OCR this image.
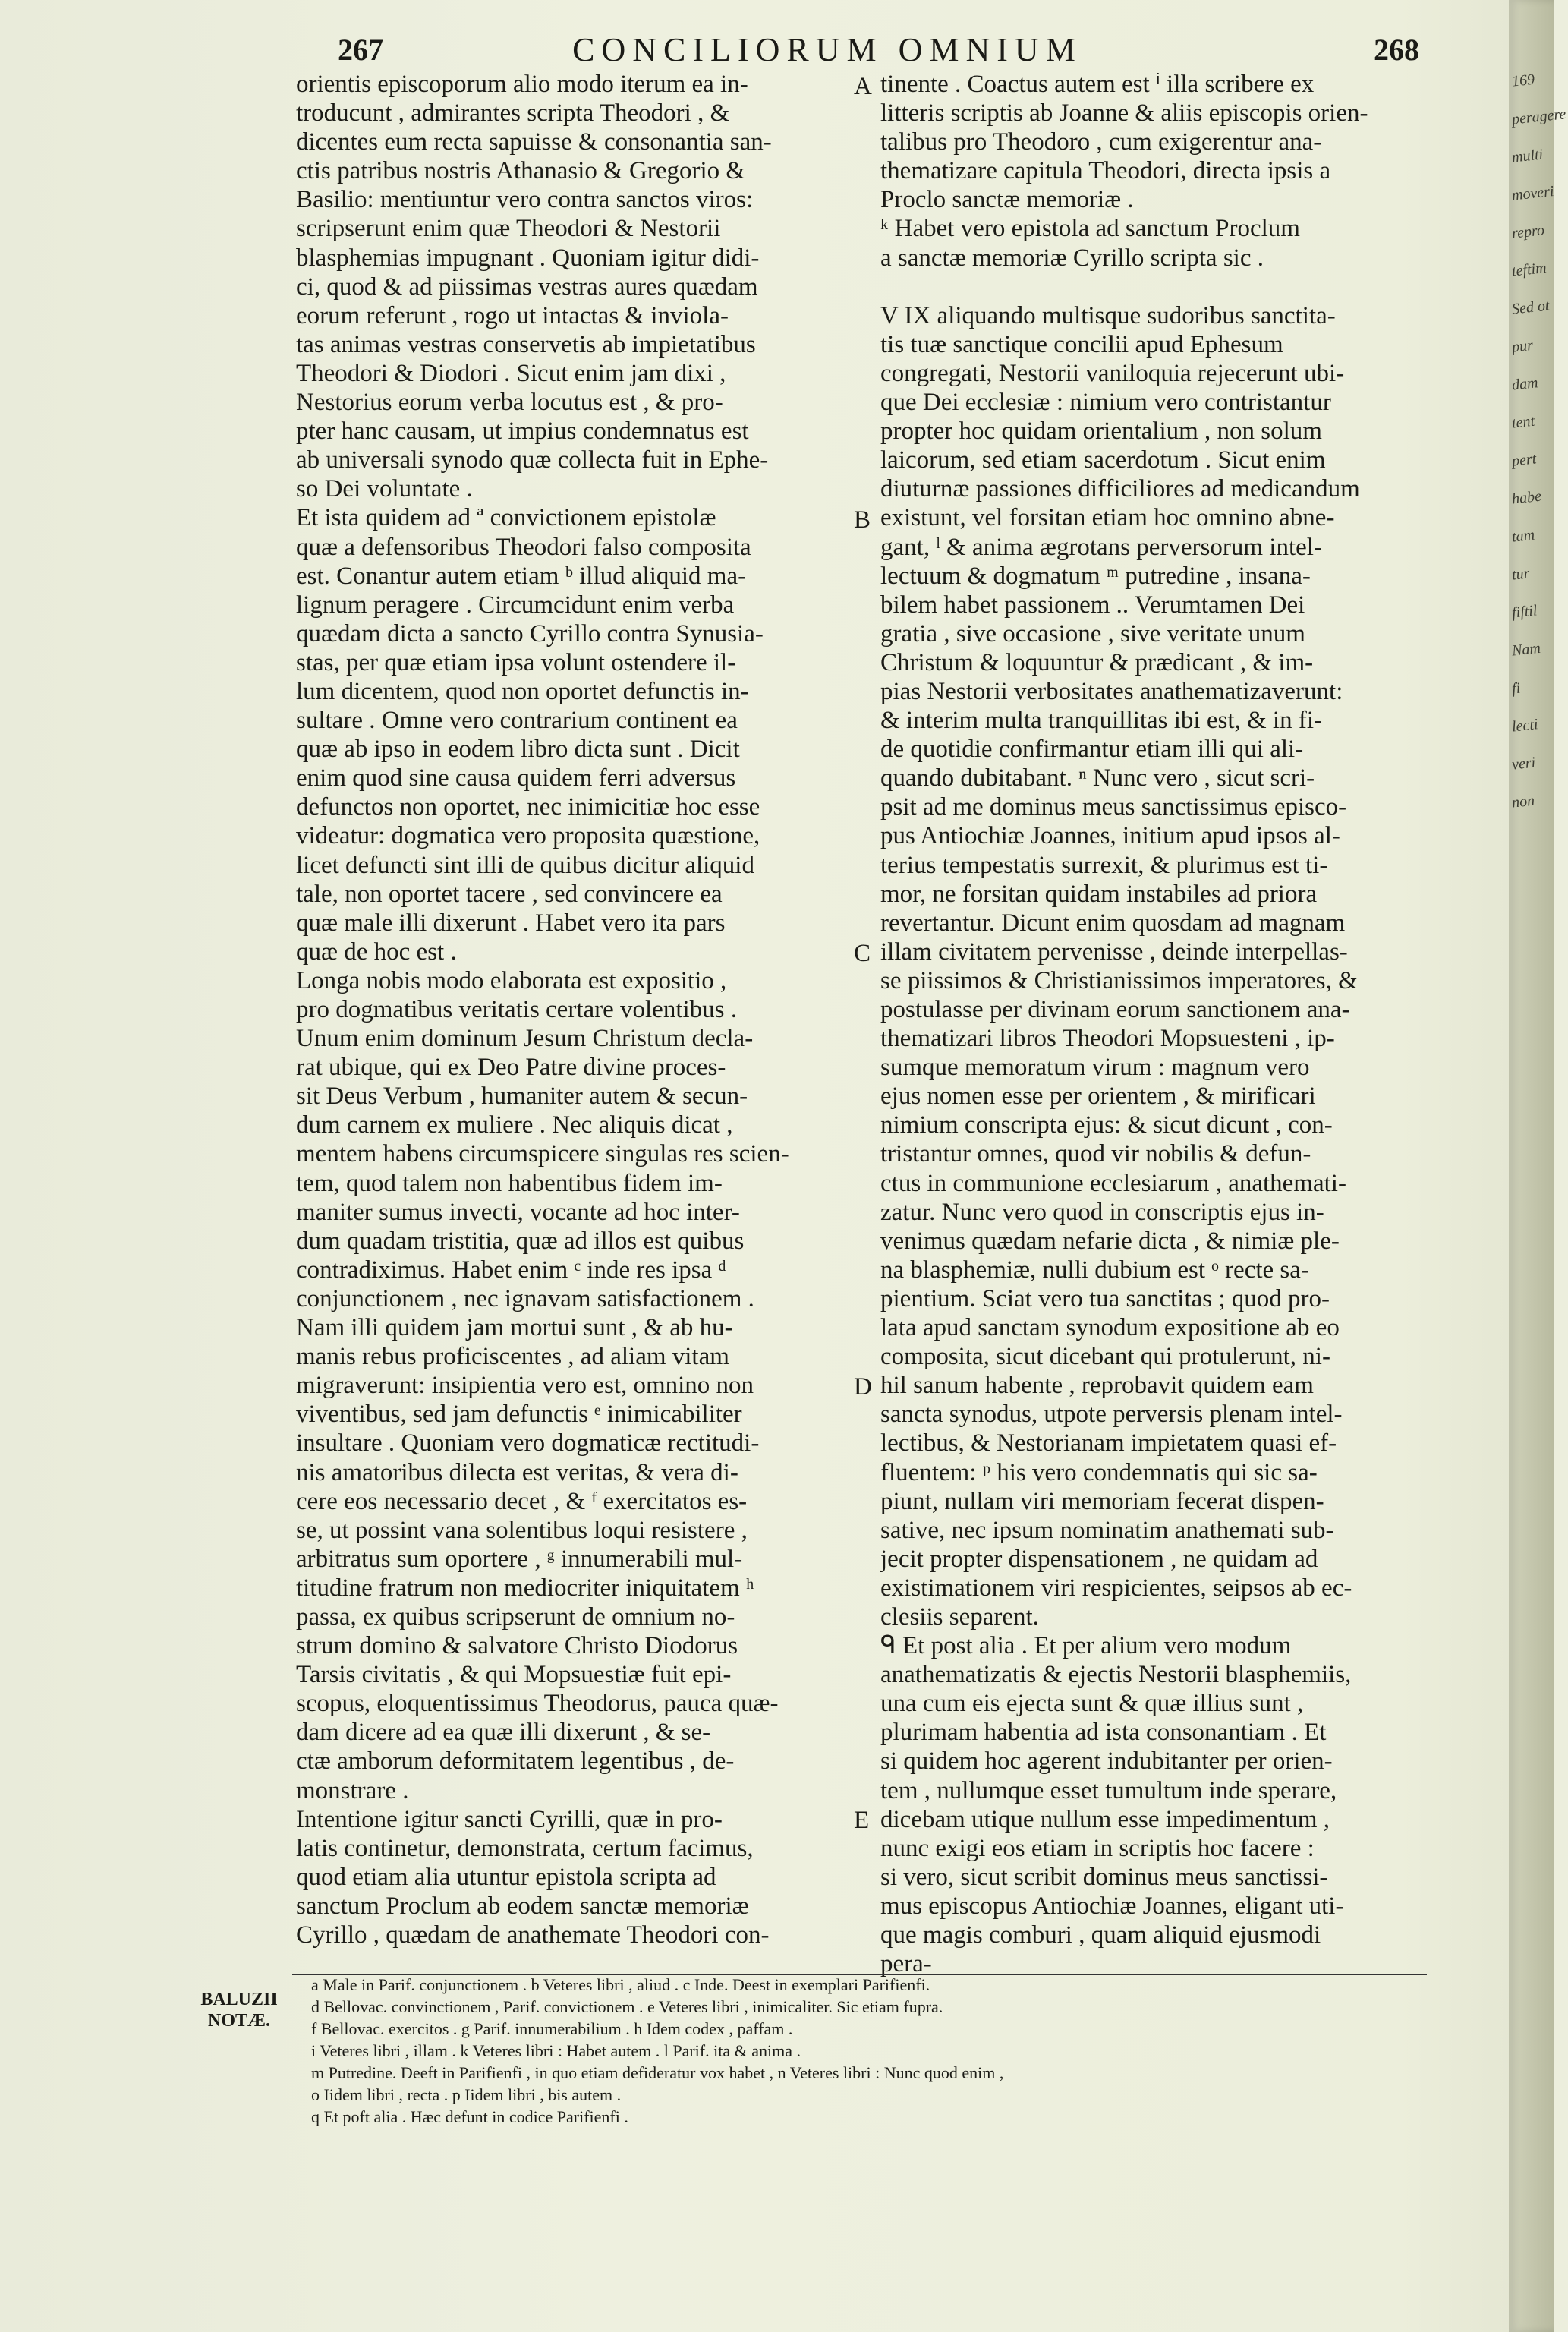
267	CONCILIORUM OMNIUM	268
orientis episcoporum alio modo iterum ea in-
troducunt , admirantes scripta Theodori , &
dicentes eum recta sapuisse & consonantia san-
ctis patribus nostris Athanasio & Gregorio &
Basilio: mentiuntur vero contra sanctos viros:
scripserunt enim quæ Theodori & Nestorii
blasphemias impugnant . Quoniam igitur didi-
ci, quod & ad piissimas vestras aures quædam
eorum referunt , rogo ut intactas & inviola-
tas animas vestras conservetis ab impietatibus
Theodori & Diodori . Sicut enim jam dixi ,
Nestorius eorum verba locutus est , & pro-
pter hanc causam, ut impius condemnatus est
ab universali synodo quæ collecta fuit in Ephe-
so Dei voluntate .
Et ista quidem ad ª convictionem epistolæ
quæ a defensoribus Theodori falso composita
est. Conantur autem etiam ᵇ illud aliquid ma-
lignum peragere . Circumcidunt enim verba
quædam dicta a sancto Cyrillo contra Synusia-
stas, per quæ etiam ipsa volunt ostendere il-
lum dicentem, quod non oportet defunctis in-
sultare . Omne vero contrarium continent ea
quæ ab ipso in eodem libro dicta sunt . Dicit
enim quod sine causa quidem ferri adversus
defunctos non oportet, nec inimicitiæ hoc esse
videatur: dogmatica vero proposita quæstione,
licet defuncti sint illi de quibus dicitur aliquid
tale, non oportet tacere , sed convincere ea
quæ male illi dixerunt . Habet vero ita pars
quæ de hoc est .
Longa nobis modo elaborata est expositio ,
pro dogmatibus veritatis certare volentibus .
Unum enim dominum Jesum Christum decla-
rat ubique, qui ex Deo Patre divine proces-
sit Deus Verbum , humaniter autem & secun-
dum carnem ex muliere . Nec aliquis dicat ,
mentem habens circumspicere singulas res scien-
tem, quod talem non habentibus fidem im-
maniter sumus invecti, vocante ad hoc inter-
dum quadam tristitia, quæ ad illos est quibus
contradiximus. Habet enim ᶜ inde res ipsa ᵈ
conjunctionem , nec ignavam satisfactionem .
Nam illi quidem jam mortui sunt , & ab hu-
manis rebus proficiscentes , ad aliam vitam
migraverunt: insipientia vero est, omnino non
viventibus, sed jam defunctis ᵉ inimicabiliter
insultare . Quoniam vero dogmaticæ rectitudi-
nis amatoribus dilecta est veritas, & vera di-
cere eos necessario decet , & ᶠ exercitatos es-
se, ut possint vana solentibus loqui resistere ,
arbitratus sum oportere , ᵍ innumerabili mul-
titudine fratrum non mediocriter iniquitatem ʰ
passa, ex quibus scripserunt de omnium no-
strum domino & salvatore Christo Diodorus
Tarsis civitatis , & qui Mopsuestiæ fuit epi-
scopus, eloquentissimus Theodorus, pauca quæ-
dam dicere ad ea quæ illi dixerunt , & se-
ctæ amborum deformitatem legentibus , de-
monstrare .
Intentione igitur sancti Cyrilli, quæ in pro-
latis continetur, demonstrata, certum facimus,
quod etiam alia utuntur epistola scripta ad
sanctum Proclum ab eodem sanctæ memoriæ
Cyrillo , quædam de anathemate Theodori con-
tinente . Coactus autem est ⁱ illa scribere ex
litteris scriptis ab Joanne & aliis episcopis orien-
talibus pro Theodoro , cum exigerentur ana-
thematizare capitula Theodori, directa ipsis a
Proclo sanctæ memoriæ .
ᵏ Habet vero epistola ad sanctum Proclum
a sanctæ memoriæ Cyrillo scripta sic .

V IX aliquando multisque sudoribus sanctita-
tis tuæ sanctique concilii apud Ephesum
congregati, Nestorii vaniloquia rejecerunt ubi-
que Dei ecclesiæ : nimium vero contristantur
propter hoc quidam orientalium , non solum
laicorum, sed etiam sacerdotum . Sicut enim
diuturnæ passiones difficiliores ad medicandum
existunt, vel forsitan etiam hoc omnino abne-
gant, ˡ & anima ægrotans perversorum intel-
lectuum & dogmatum ᵐ putredine , insana-
bilem habet passionem .. Verumtamen Dei
gratia , sive occasione , sive veritate unum
Christum & loquuntur & prædicant , & im-
pias Nestorii verbositates anathematizaverunt:
& interim multa tranquillitas ibi est, & in fi-
de quotidie confirmantur etiam illi qui ali-
quando dubitabant. ⁿ Nunc vero , sicut scri-
psit ad me dominus meus sanctissimus episco-
pus Antiochiæ Joannes, initium apud ipsos al-
terius tempestatis surrexit, & plurimus est ti-
mor, ne forsitan quidam instabiles ad priora
revertantur. Dicunt enim quosdam ad magnam
illam civitatem pervenisse , deinde interpellas-
se piissimos & Christianissimos imperatores, &
postulasse per divinam eorum sanctionem ana-
thematizari libros Theodori Mopsuesteni , ip-
sumque memoratum virum : magnum vero
ejus nomen esse per orientem , & mirificari
nimium conscripta ejus: & sicut dicunt , con-
tristantur omnes, quod vir nobilis & defun-
ctus in communione ecclesiarum , anathemati-
zatur. Nunc vero quod in conscriptis ejus in-
venimus quædam nefarie dicta , & nimiæ ple-
na blasphemiæ, nulli dubium est ᵒ recte sa-
pientium. Sciat vero tua sanctitas ; quod pro-
lata apud sanctam synodum expositione ab eo
composita, sicut dicebant qui protulerunt, ni-
hil sanum habente , reprobavit quidem eam
sancta synodus, utpote perversis plenam intel-
lectibus, & Nestorianam impietatem quasi ef-
fluentem: ᵖ his vero condemnatis qui sic sa-
piunt, nullam viri memoriam fecerat dispen-
sative, nec ipsum nominatim anathemati sub-
jecit propter dispensationem , ne quidam ad
existimationem viri respicientes, seipsos ab ec-
clesiis separent.
ᑫ Et post alia . Et per alium vero modum
anathematizatis & ejectis Nestorii blasphemiis,
una cum eis ejecta sunt & quæ illius sunt ,
plurimam habentia ad ista consonantiam . Et
si quidem hoc agerent indubitanter per orien-
tem , nullumque esset tumultum inde sperare,
dicebam utique nullum esse impedimentum ,
nunc exigi eos etiam in scriptis hoc facere :
si vero, sicut scribit dominus meus sanctissi-
mus episcopus Antiochiæ Joannes, eligant uti-
que magis comburi , quam aliquid ejusmodi
pera-
A
B
C
D
E
BALUZII NOTÆ.
a Male in Parif. conjunctionem . b Veteres libri , aliud . c Inde. Deest in exemplari Parifienfi.
d Bellovac. convinctionem , Parif. convictionem . e Veteres libri , inimicaliter. Sic etiam fupra.
f Bellovac. exercitos . g Parif. innumerabilium . h Idem codex , paffam .
i Veteres libri , illam . k Veteres libri : Habet autem . l Parif. ita & anima .
m Putredine. Deeft in Parifienfi , in quo etiam defideratur vox habet , n Veteres libri : Nunc quod enim ,
o Iidem libri , recta . p Iidem libri , bis autem .
q Et poft alia . Hæc defunt in codice Parifienfi .
169
peragere
multi
moveri
repro
teftim
Sed ot
pur
dam
tent
pert
habe
tam
tur
fiftil
Nam
fi
lecti
veri
non
